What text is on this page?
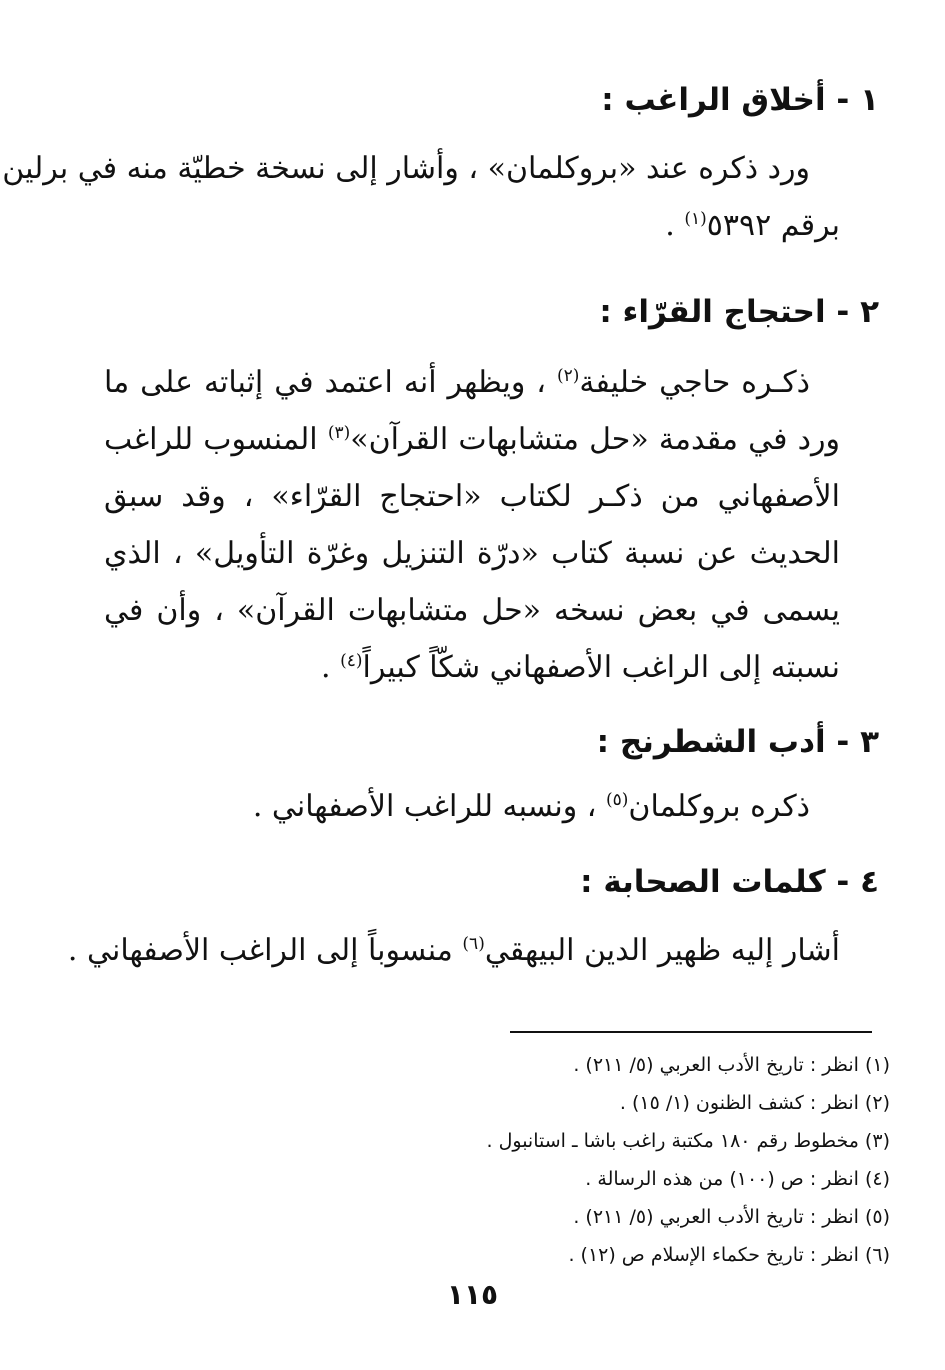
١ - أخلاق الراغب :
ورد ذكره عند «بروكلمان» ، وأشار إلى نسخة خطيّة منه في برلين
برقم ٥٣٩٢$^{(١)}$ .
٢ - احتجاج القرّاء :

ذكـره حاجي خليفة$^{(٢)}$ ، ويظهر أنه اعتمد في إثباته على ما ورد في مقدمة «حل متشابهات القرآن»$^{(٣)}$ المنسوب للراغب الأصفهاني من ذكـر لكتاب «احتجاج القرّاء» ، وقد سبق الحديث عن نسبة كتاب «درّة التنزيل وغرّة التأويل» ، الذي يسمى في بعض نسخه «حل متشابهات القرآن» ، وأن في نسبته إلى الراغب الأصفهاني شكّاً كبيراً$^{(٤)}$ .

٣ - أدب الشطرنج :
ذكره بروكلمان$^{(٥)}$ ، ونسبه للراغب الأصفهاني .
٤ - كلمات الصحابة :
أشار إليه ظهير الدين البيهقي$^{(٦)}$ منسوباً إلى الراغب الأصفهاني .
(١) انظر : تاريخ الأدب العربي (٥/ ٢١١) .
(٢) انظر : كشف الظنون (١/ ١٥) .
(٣) مخطوط رقم ١٨٠ مكتبة راغب باشا ـ استانبول .
(٤) انظر : ص (١٠٠) من هذه الرسالة .
(٥) انظر : تاريخ الأدب العربي (٥/ ٢١١) .
(٦) انظر : تاريخ حكماء الإسلام ص (١٢) .
١١٥
